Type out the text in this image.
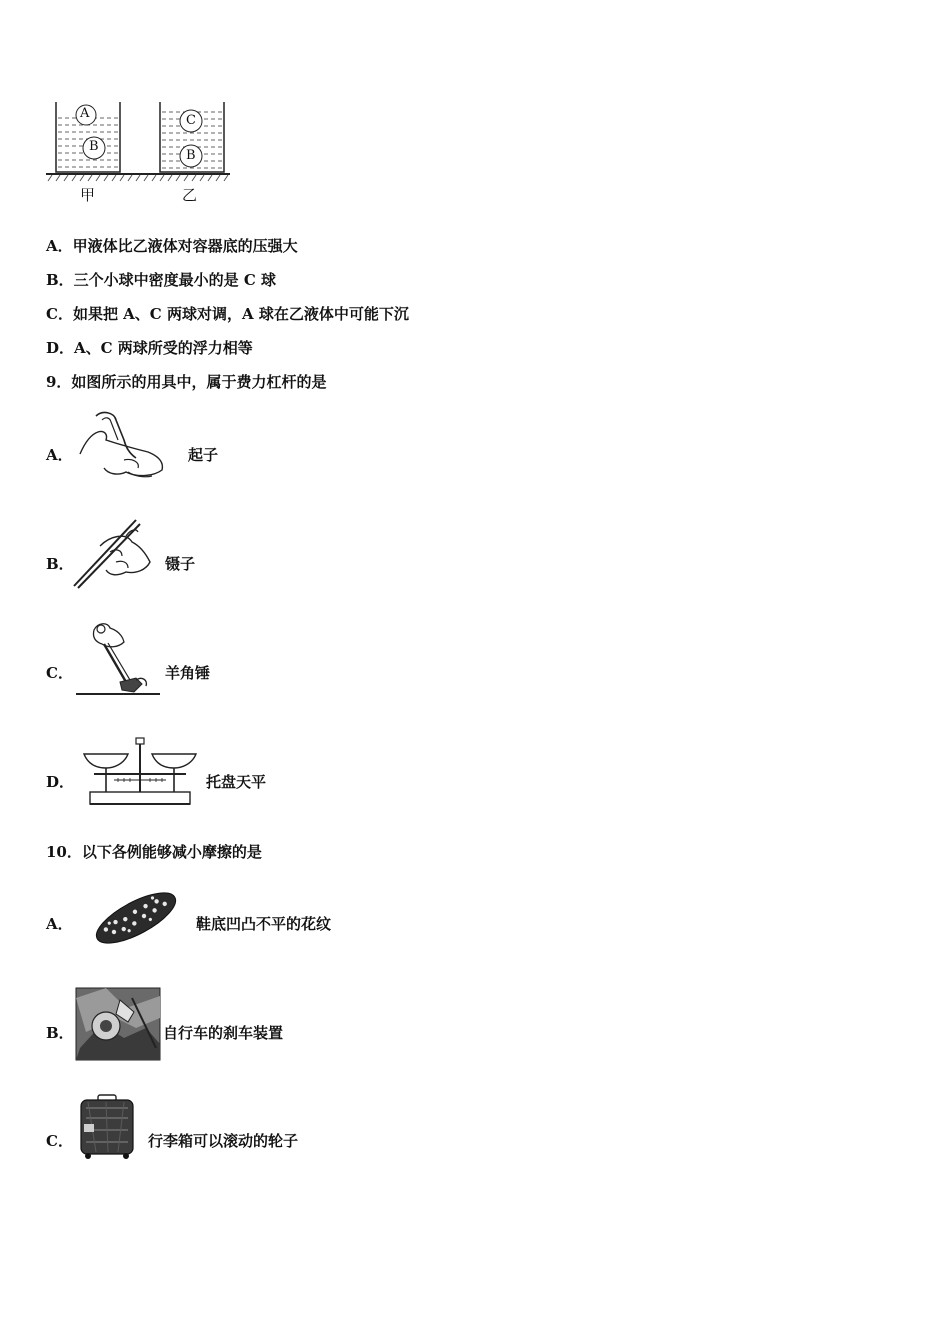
A
B
C
B
甲	乙
A．甲液体比乙液体对容器底的压强大
B．三个小球中密度最小的是 C 球
C．如果把 A、C 两球对调，A 球在乙液体中可能下沉
D．A、C 两球所受的浮力相等
9．如图所示的用具中，属于费力杠杆的是
A．	起子
B．	镊子
C．	羊角锤
D．	托盘天平
10．以下各例能够减小摩擦的是
A．	鞋底凹凸不平的花纹
B．	自行车的刹车装置
C．	行李箱可以滚动的轮子
